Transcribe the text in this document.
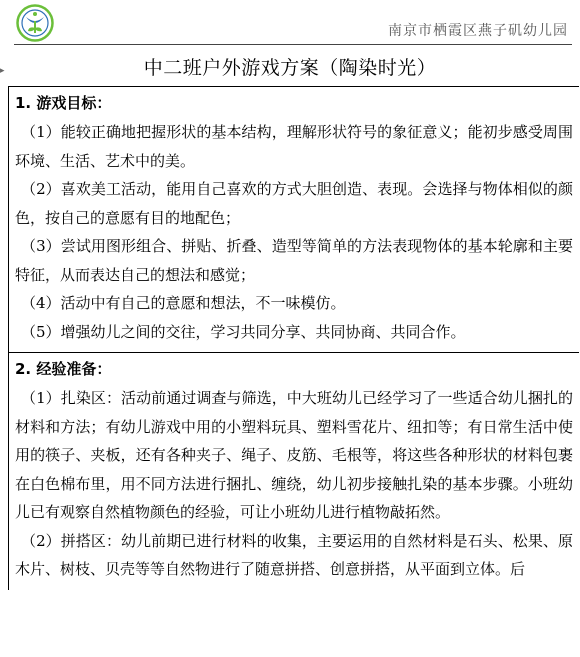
南京市栖霞区燕子矶幼儿园
▸	中二班户外游戏方案（陶染时光）
1. 游戏目标：

（1）能较正确地把握形状的基本结构，理解形状符号的象征意义；能初步感受周围环境、生活、艺术中的美。

（2）喜欢美工活动，能用自己喜欢的方式大胆创造、表现。会选择与物体相似的颜色，按自己的意愿有目的地配色；

（3）尝试用图形组合、拼贴、折叠、造型等简单的方法表现物体的基本轮廓和主要特征，从而表达自己的想法和感觉；

（4）活动中有自己的意愿和想法，不一味模仿。

（5）增强幼儿之间的交往，学习共同分享、共同协商、共同合作。

2. 经验准备：

（1）扎染区：活动前通过调查与筛选，中大班幼儿已经学习了一些适合幼儿捆扎的材料和方法；有幼儿游戏中用的小塑料玩具、塑料雪花片、纽扣等；有日常生活中使用的筷子、夹板，还有各种夹子、绳子、皮筋、毛根等，将这些各种形状的材料包裹在白色棉布里，用不同方法进行捆扎、缠绕，幼儿初步接触扎染的基本步骤。小班幼儿已有观察自然植物颜色的经验，可让小班幼儿进行植物敲拓然。

（2）拼搭区：幼儿前期已进行材料的收集，主要运用的自然材料是石头、松果、原木片、树枝、贝壳等等自然物进行了随意拼搭、创意拼搭，从平面到立体。后
